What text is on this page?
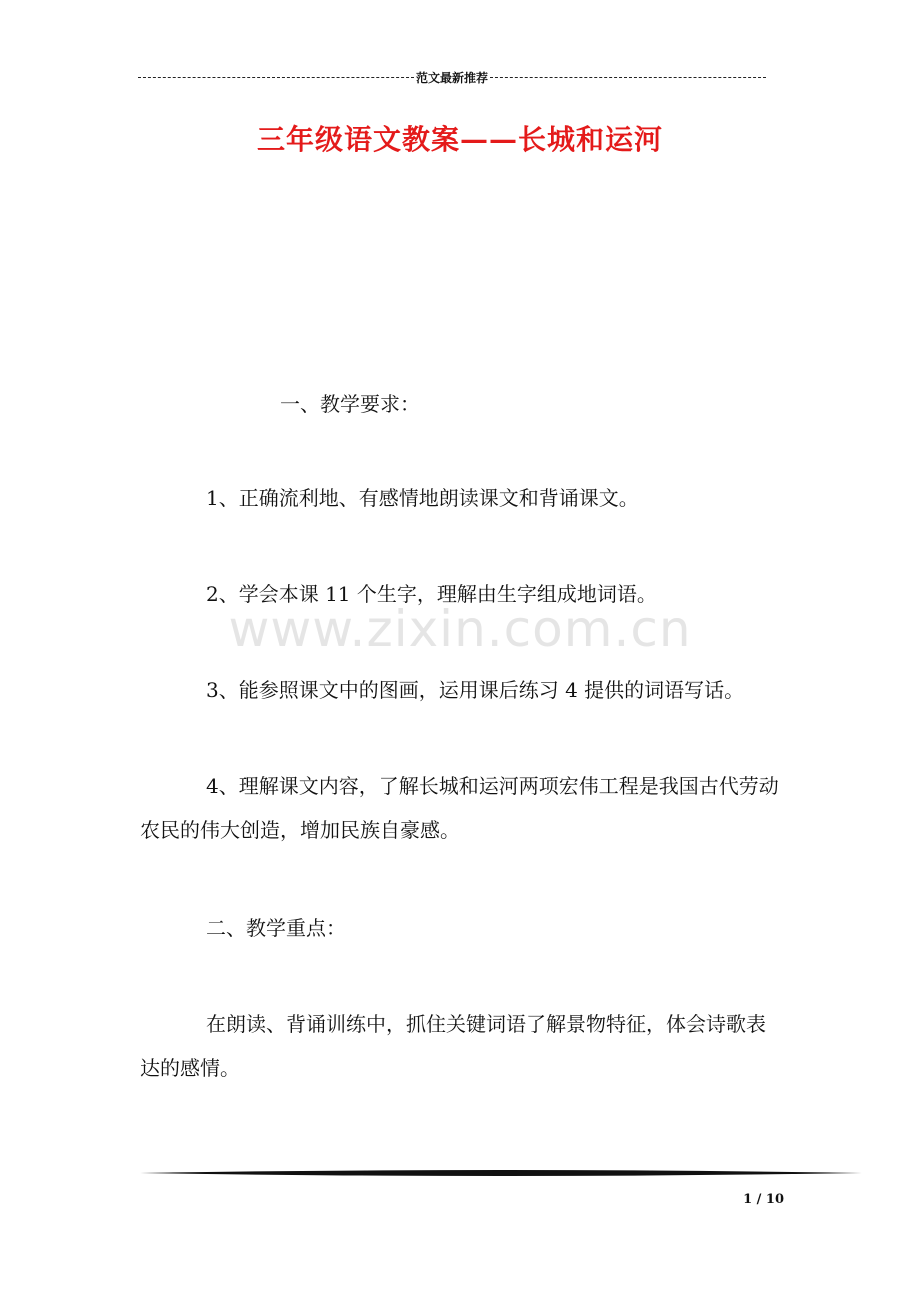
范文最新推荐
三年级语文教案——长城和运河

一、教学要求：

1、正确流利地、有感情地朗读课文和背诵课文。

2、学会本课 11 个生字，理解由生字组成地词语。

www.zixin.com.cn

3、能参照课文中的图画，运用课后练习 4 提供的词语写话。

4、理解课文内容，了解长城和运河两项宏伟工程是我国古代劳动农民的伟大创造，增加民族自豪感。

二、教学重点：

在朗读、背诵训练中，抓住关键词语了解景物特征，体会诗歌表达的感情。

1 / 10
